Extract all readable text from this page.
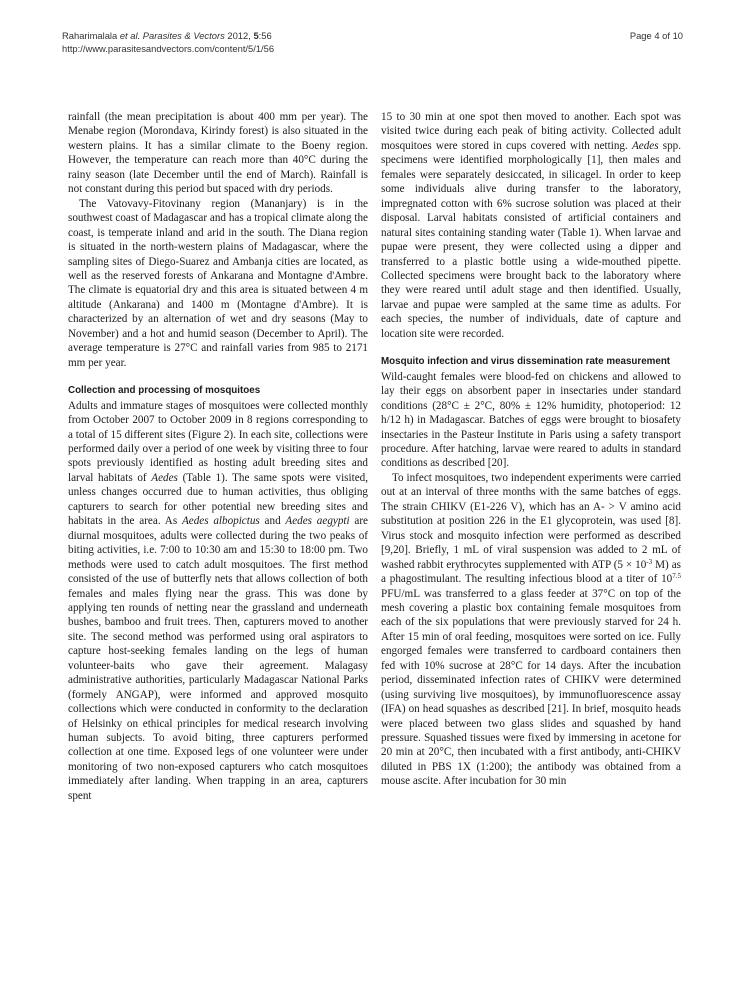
Raharimalala et al. Parasites & Vectors 2012, 5:56
http://www.parasitesandvectors.com/content/5/1/56
Page 4 of 10

rainfall (the mean precipitation is about 400 mm per year). The Menabe region (Morondava, Kirindy forest) is also situated in the western plains. It has a similar climate to the Boeny region. However, the temperature can reach more than 40°C during the rainy season (late December until the end of March). Rainfall is not constant during this period but spaced with dry periods.

The Vatovavy-Fitovinany region (Mananjary) is in the southwest coast of Madagascar and has a tropical climate along the coast, is temperate inland and arid in the south. The Diana region is situated in the north-western plains of Madagascar, where the sampling sites of Diego-Suarez and Ambanja cities are located, as well as the reserved forests of Ankarana and Montagne d'Ambre. The climate is equatorial dry and this area is situated between 4 m altitude (Ankarana) and 1400 m (Montagne d'Ambre). It is characterized by an alternation of wet and dry seasons (May to November) and a hot and humid season (December to April). The average temperature is 27°C and rainfall varies from 985 to 2171 mm per year.

Collection and processing of mosquitoes

Adults and immature stages of mosquitoes were collected monthly from October 2007 to October 2009 in 8 regions corresponding to a total of 15 different sites (Figure 2). In each site, collections were performed daily over a period of one week by visiting three to four spots previously identified as hosting adult breeding sites and larval habitats of Aedes (Table 1). The same spots were visited, unless changes occurred due to human activities, thus obliging capturers to search for other potential new breeding sites and habitats in the area. As Aedes albopictus and Aedes aegypti are diurnal mosquitoes, adults were collected during the two peaks of biting activities, i.e. 7:00 to 10:30 am and 15:30 to 18:00 pm. Two methods were used to catch adult mosquitoes. The first method consisted of the use of butterfly nets that allows collection of both females and males flying near the grass. This was done by applying ten rounds of netting near the grassland and underneath bushes, bamboo and fruit trees. Then, capturers moved to another site. The second method was performed using oral aspirators to capture host-seeking females landing on the legs of human volunteer-baits who gave their agreement. Malagasy administrative authorities, particularly Madagascar National Parks (formely ANGAP), were informed and approved mosquito collections which were conducted in conformity to the declaration of Helsinky on ethical principles for medical research involving human subjects. To avoid biting, three capturers performed collection at one time. Exposed legs of one volunteer were under monitoring of two non-exposed capturers who catch mosquitoes immediately after landing. When trapping in an area, capturers spent

15 to 30 min at one spot then moved to another. Each spot was visited twice during each peak of biting activity. Collected adult mosquitoes were stored in cups covered with netting. Aedes spp. specimens were identified morphologically [1], then males and females were separately desiccated, in silicagel. In order to keep some individuals alive during transfer to the laboratory, impregnated cotton with 6% sucrose solution was placed at their disposal. Larval habitats consisted of artificial containers and natural sites containing standing water (Table 1). When larvae and pupae were present, they were collected using a dipper and transferred to a plastic bottle using a wide-mouthed pipette. Collected specimens were brought back to the laboratory where they were reared until adult stage and then identified. Usually, larvae and pupae were sampled at the same time as adults. For each species, the number of individuals, date of capture and location site were recorded.

Mosquito infection and virus dissemination rate measurement

Wild-caught females were blood-fed on chickens and allowed to lay their eggs on absorbent paper in insectaries under standard conditions (28°C ± 2°C, 80% ± 12% humidity, photoperiod: 12 h/12 h) in Madagascar. Batches of eggs were brought to biosafety insectaries in the Pasteur Institute in Paris using a safety transport procedure. After hatching, larvae were reared to adults in standard conditions as described [20].

To infect mosquitoes, two independent experiments were carried out at an interval of three months with the same batches of eggs. The strain CHIKV (E1-226 V), which has an A- > V amino acid substitution at position 226 in the E1 glycoprotein, was used [8]. Virus stock and mosquito infection were performed as described [9,20]. Briefly, 1 mL of viral suspension was added to 2 mL of washed rabbit erythrocytes supplemented with ATP ($5 \times 10^{-3}$ M) as a phagostimulant. The resulting infectious blood at a titer of $10^{7.5}$ PFU/mL was transferred to a glass feeder at 37°C on top of the mesh covering a plastic box containing female mosquitoes from each of the six populations that were previously starved for 24 h. After 15 min of oral feeding, mosquitoes were sorted on ice. Fully engorged females were transferred to cardboard containers then fed with 10% sucrose at 28°C for 14 days. After the incubation period, disseminated infection rates of CHIKV were determined (using surviving live mosquitoes), by immunofluorescence assay (IFA) on head squashes as described [21]. In brief, mosquito heads were placed between two glass slides and squashed by hand pressure. Squashed tissues were fixed by immersing in acetone for 20 min at 20°C, then incubated with a first antibody, anti-CHIKV diluted in PBS 1X (1:200); the antibody was obtained from a mouse ascite. After incubation for 30 min
